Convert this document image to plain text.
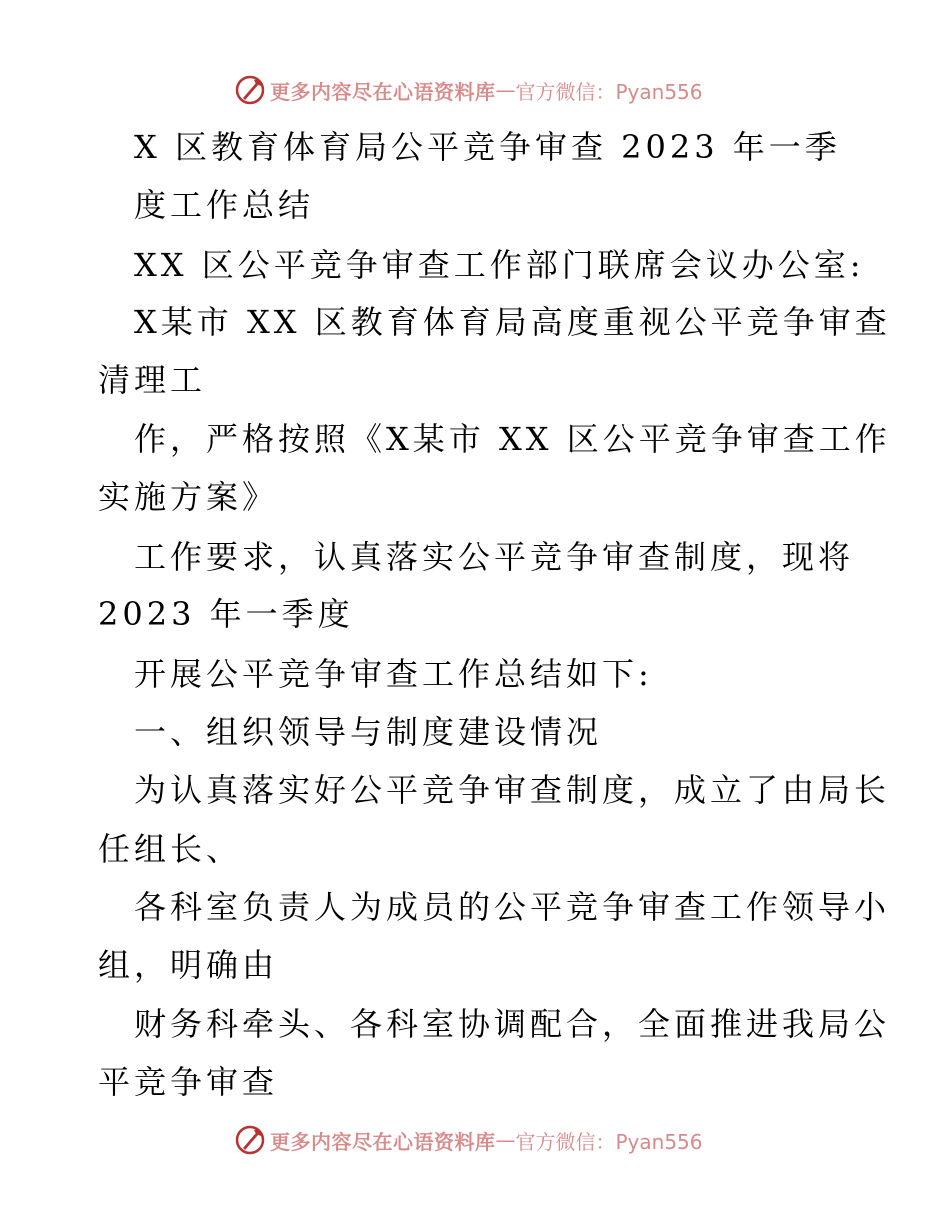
更多内容尽在心语资料库 — 官方微信：Pyan556
X 区教育体育局公平竞争审查 2023 年一季
度工作总结
XX 区公平竞争审查工作部门联席会议办公室:
X某市 XX 区教育体育局高度重视公平竞争审查
清理工
作，严格按照《X某市 XX 区公平竞争审查工作
实施方案》
工作要求，认真落实公平竞争审查制度，现将
2023 年一季度
开展公平竞争审查工作总结如下:
一、组织领导与制度建设情况
为认真落实好公平竞争审查制度，成立了由局长
任组长、
各科室负责人为成员的公平竞争审查工作领导小
组，明确由
财务科牵头、各科室协调配合，全面推进我局公
平竞争审查
更多内容尽在心语资料库 — 官方微信：Pyan556
